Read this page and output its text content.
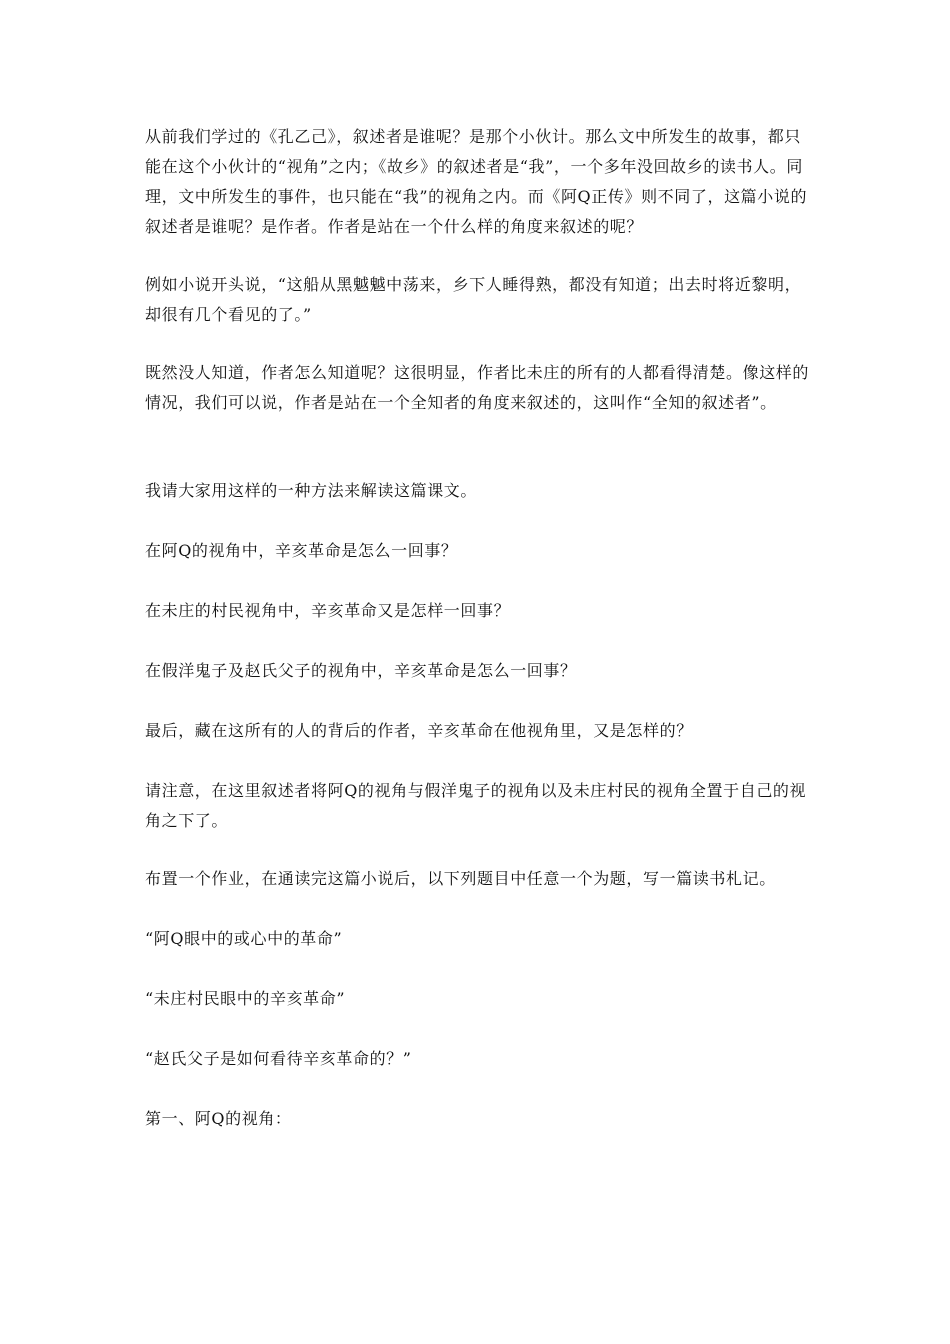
从前我们学过的《孔乙己》，叙述者是谁呢？是那个小伙计。那么文中所发生的故事，都只能在这个小伙计的“视角”之内；《故乡》的叙述者是“我”，一个多年没回故乡的读书人。同理，文中所发生的事件，也只能在“我”的视角之内。而《阿Q正传》则不同了，这篇小说的叙述者是谁呢？是作者。作者是站在一个什么样的角度来叙述的呢？

例如小说开头说，“这船从黑魆魆中荡来，乡下人睡得熟，都没有知道；出去时将近黎明，却很有几个看见的了。”

既然没人知道，作者怎么知道呢？这很明显，作者比未庄的所有的人都看得清楚。像这样的情况，我们可以说，作者是站在一个全知者的角度来叙述的，这叫作“全知的叙述者”。

我请大家用这样的一种方法来解读这篇课文。

在阿Q的视角中，辛亥革命是怎么一回事？

在未庄的村民视角中，辛亥革命又是怎样一回事？

在假洋鬼子及赵氏父子的视角中，辛亥革命是怎么一回事？

最后，藏在这所有的人的背后的作者，辛亥革命在他视角里，又是怎样的？

请注意，在这里叙述者将阿Q的视角与假洋鬼子的视角以及未庄村民的视角全置于自己的视角之下了。

布置一个作业，在通读完这篇小说后，以下列题目中任意一个为题，写一篇读书札记。

“阿Q眼中的或心中的革命”

“未庄村民眼中的辛亥革命”

“赵氏父子是如何看待辛亥革命的？”

第一、阿Q的视角：
